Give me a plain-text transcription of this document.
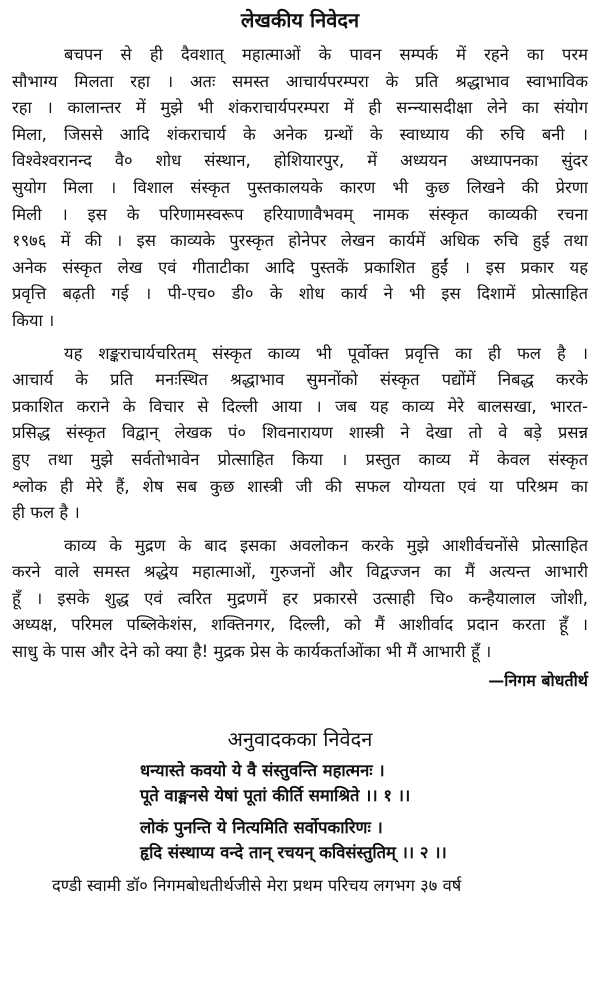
लेखकीय निवेदन
बचपन से ही दैवशात् महात्माओं के पावन सम्पर्क में रहने का परम
सौभाग्य मिलता रहा । अतः समस्त आचार्यपरम्परा के प्रति श्रद्धाभाव स्वाभाविक
रहा । कालान्तर में मुझे भी शंकराचार्यपरम्परा में ही सन्न्यासदीक्षा लेने का संयोग
मिला, जिससे आदि शंकराचार्य के अनेक ग्रन्थों के स्वाध्याय की रुचि बनी ।
विश्वेश्वरानन्द वै० शोध संस्थान, होशियारपुर, में अध्ययन अध्यापनका सुंदर
सुयोग मिला । विशाल संस्कृत पुस्तकालयके कारण भी कुछ लिखने की प्रेरणा
मिली । इस के परिणामस्वरूप हरियाणावैभवम् नामक संस्कृत काव्यकी रचना
१९७६ में की । इस काव्यके पुरस्कृत होनेपर लेखन कार्यमें अधिक रुचि हुई तथा
अनेक संस्कृत लेख एवं गीताटीका आदि पुस्तकें प्रकाशित हुईं । इस प्रकार यह
प्रवृत्ति बढ़ती गई । पी-एच० डी० के शोध कार्य ने भी इस दिशामें प्रोत्साहित
किया ।
यह शङ्कराचार्यचरितम् संस्कृत काव्य भी पूर्वोक्त प्रवृत्ति का ही फल है ।
आचार्य के प्रति मनःस्थित श्रद्धाभाव सुमनोंको संस्कृत पद्योंमें निबद्ध करके
प्रकाशित कराने के विचार से दिल्ली आया । जब यह काव्य मेरे बालसखा, भारत-
प्रसिद्ध संस्कृत विद्वान् लेखक पं० शिवनारायण शास्त्री ने देखा तो वे बड़े प्रसन्न
हुए तथा मुझे सर्वतोभावेन प्रोत्साहित किया । प्रस्तुत काव्य में केवल संस्कृत
श्लोक ही मेरे हैं, शेष सब कुछ शास्त्री जी की सफल योग्यता एवं या परिश्रम का
ही फल है ।
काव्य के मुद्रण के बाद इसका अवलोकन करके मुझे आशीर्वचनोंसे प्रोत्साहित
करने वाले समस्त श्रद्धेय महात्माओं, गुरुजनों और विद्वज्जन का मैं अत्यन्त आभारी
हूँ । इसके शुद्ध एवं त्वरित मुद्रणमें हर प्रकारसे उत्साही चि० कन्हैयालाल जोशी,
अध्यक्ष, परिमल पब्लिकेशंस, शक्तिनगर, दिल्ली, को मैं आशीर्वाद प्रदान करता हूँ ।
साधु के पास और देने को क्या है! मुद्रक प्रेस के कार्यकर्ताओंका भी मैं आभारी हूँ ।
—निगम बोधतीर्थ
अनुवादकका निवेदन
धन्यास्ते कवयो ये वै संस्तुवन्ति महात्मनः ।
पूते वाङ्मनसे येषां पूतां कीर्ति समाश्रिते ।। १ ।।
लोकं पुनन्ति ये नित्यमिति सर्वोपकारिणः ।
हृदि संस्थाप्य वन्दे तान् रचयन् कविसंस्तुतिम् ।। २ ।।
दण्डी स्वामी डॉ० निगमबोधतीर्थजीसे मेरा प्रथम परिचय लगभग ३७ वर्ष
